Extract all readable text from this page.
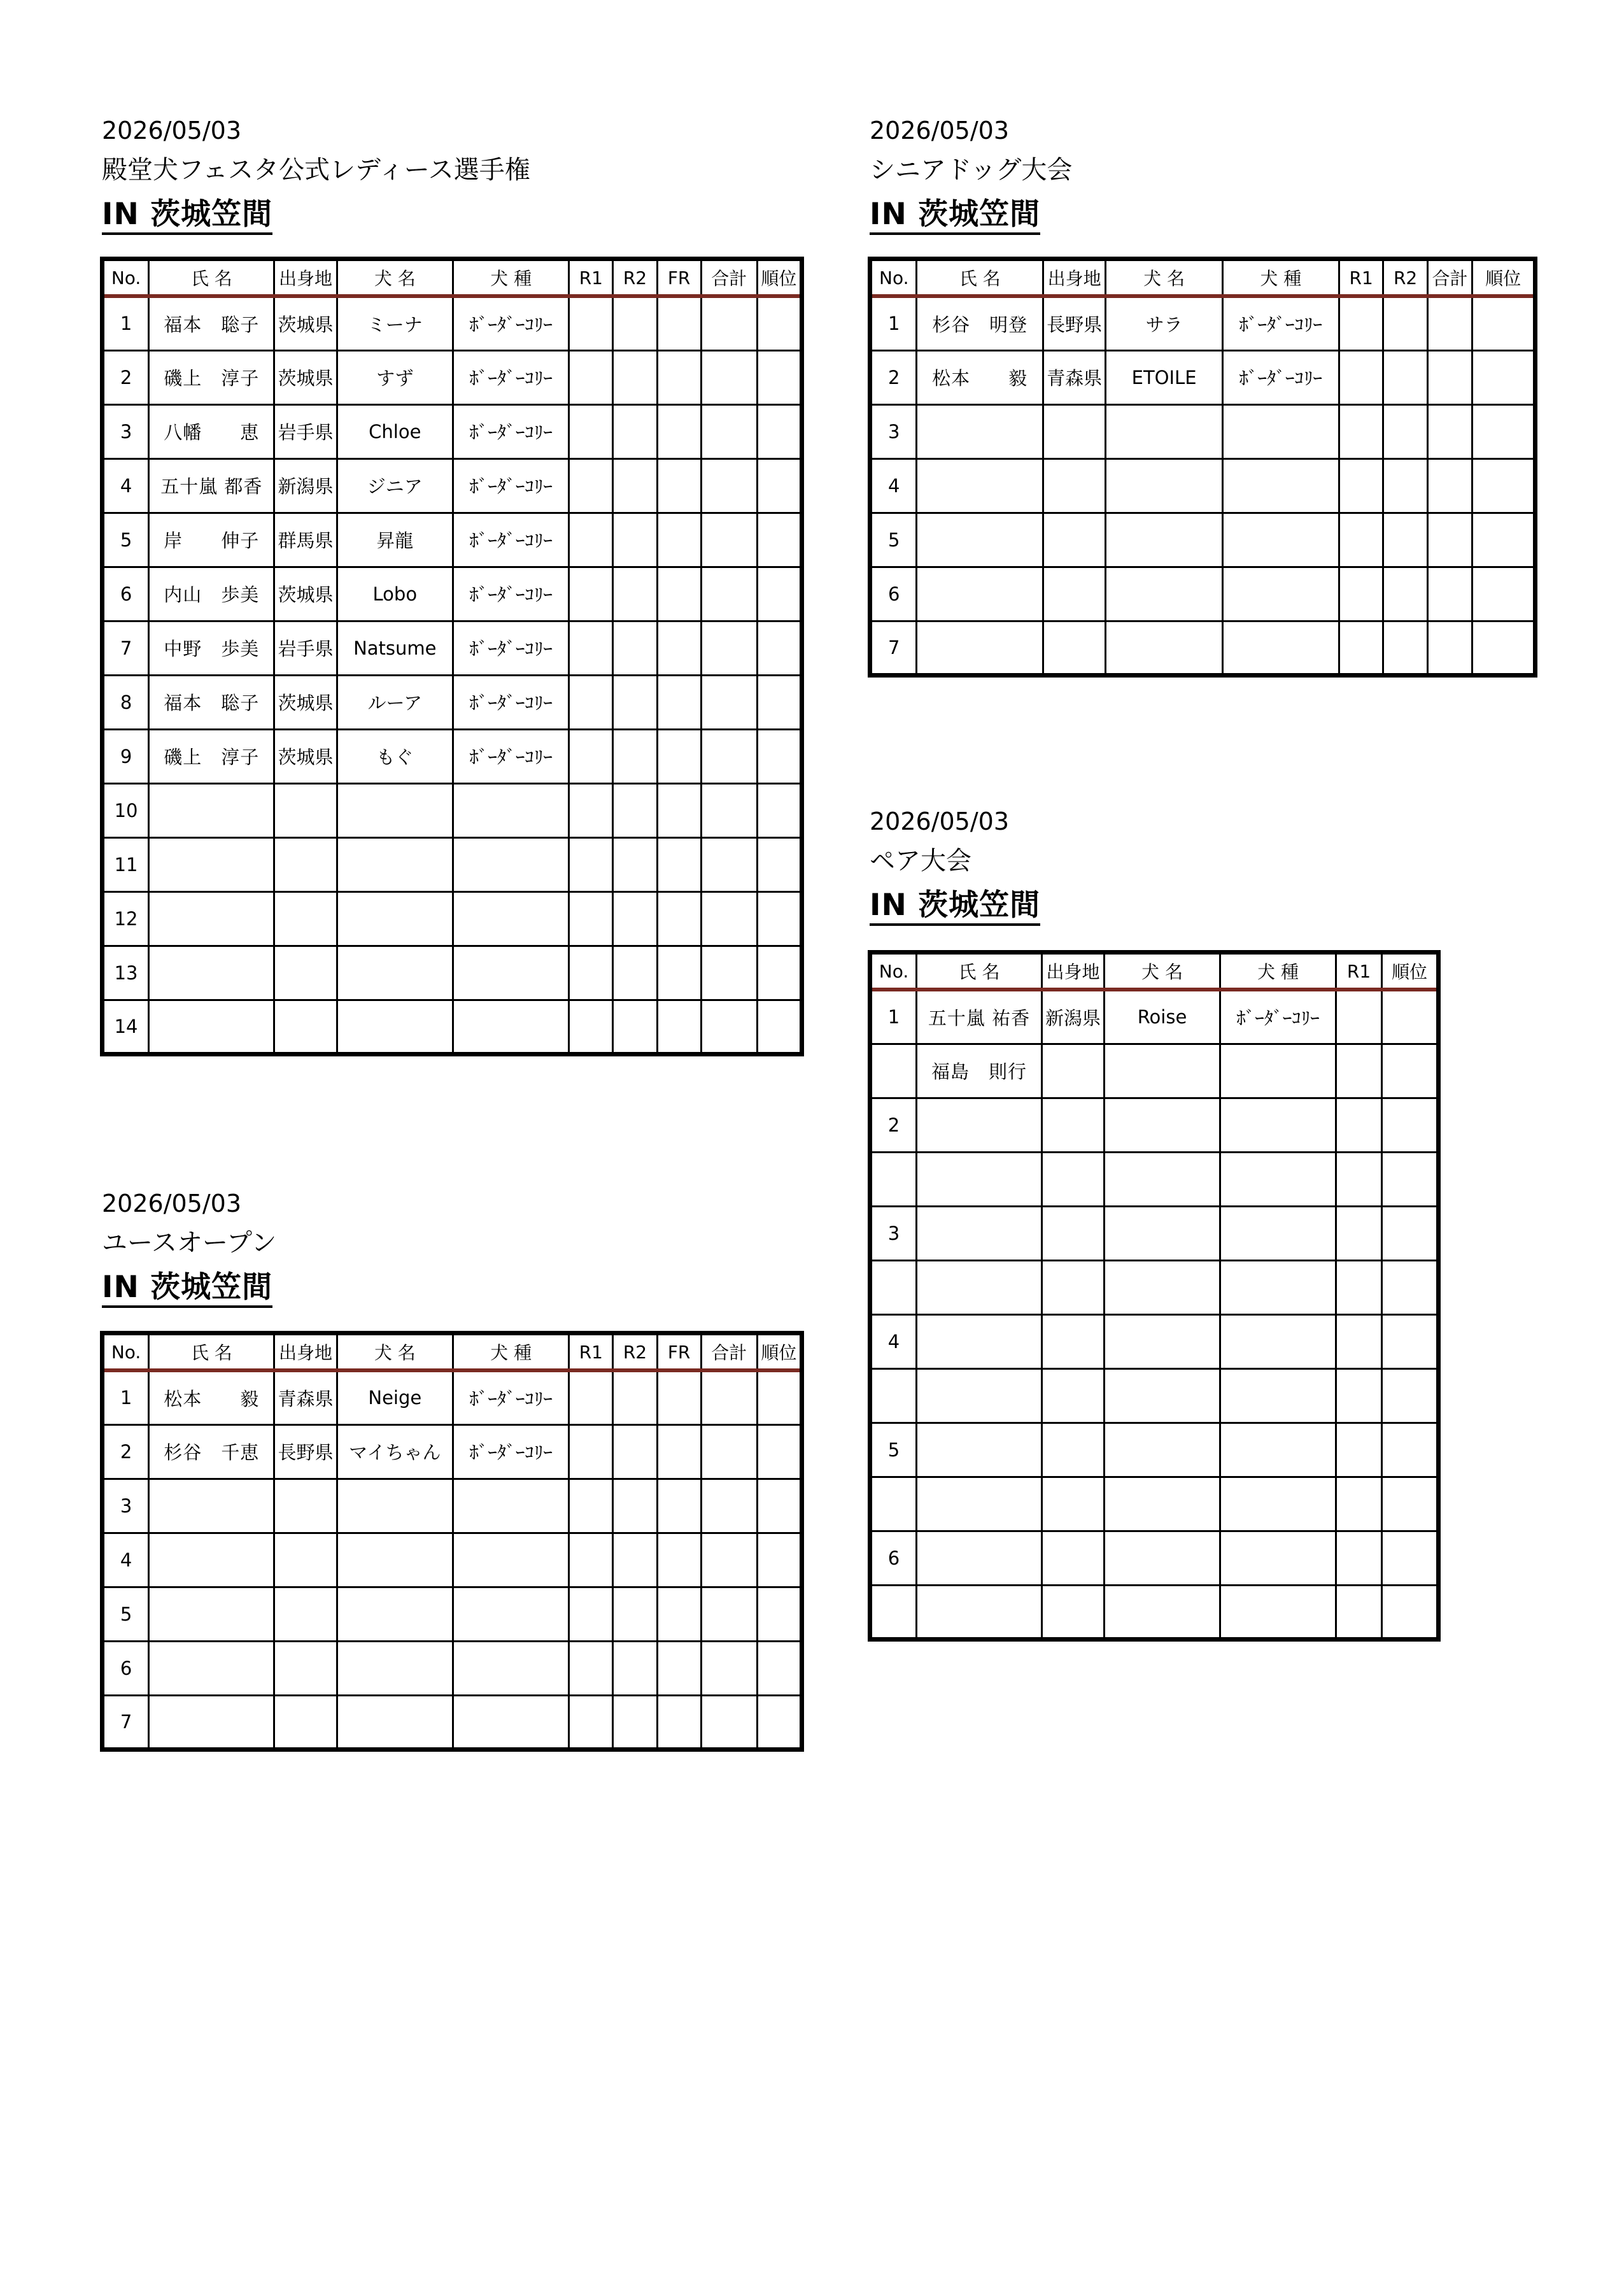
2026/05/03
殿堂犬フェスタ公式レディース選手権
IN 茨城笠間
No.	氏 名	出身地	犬 名	犬 種	R1	R2	FR	合計	順位
1	福本　聡子	茨城県	ミーナ	ﾎﾞｰﾀﾞｰｺﾘｰ					
2	磯上　淳子	茨城県	すず	ﾎﾞｰﾀﾞｰｺﾘｰ					
3	八幡　　恵	岩手県	Chloe	ﾎﾞｰﾀﾞｰｺﾘｰ					
4	五十嵐 都香	新潟県	ジニア	ﾎﾞｰﾀﾞｰｺﾘｰ					
5	岸　　伸子	群馬県	昇龍	ﾎﾞｰﾀﾞｰｺﾘｰ					
6	内山　歩美	茨城県	Lobo	ﾎﾞｰﾀﾞｰｺﾘｰ					
7	中野　歩美	岩手県	Natsume	ﾎﾞｰﾀﾞｰｺﾘｰ					
8	福本　聡子	茨城県	ルーア	ﾎﾞｰﾀﾞｰｺﾘｰ					
9	磯上　淳子	茨城県	もぐ	ﾎﾞｰﾀﾞｰｺﾘｰ					
10									
11									
12									
13									
14									
2026/05/03
ユースオープン
IN 茨城笠間
No.	氏 名	出身地	犬 名	犬 種	R1	R2	FR	合計	順位
1	松本　　毅	青森県	Neige	ﾎﾞｰﾀﾞｰｺﾘｰ					
2	杉谷　千恵	長野県	マイちゃん	ﾎﾞｰﾀﾞｰｺﾘｰ					
3									
4									
5									
6									
7									
2026/05/03
シニアドッグ大会
IN 茨城笠間
No.	氏 名	出身地	犬 名	犬 種	R1	R2	合計	順位
1	杉谷　明登	長野県	サラ	ﾎﾞｰﾀﾞｰｺﾘｰ				
2	松本　　毅	青森県	ETOILE	ﾎﾞｰﾀﾞｰｺﾘｰ				
3								
4								
5								
6								
7								
2026/05/03
ペア大会
IN 茨城笠間
No.	氏 名	出身地	犬 名	犬 種	R1	順位
1	五十嵐 祐香	新潟県	Roise	ﾎﾞｰﾀﾞｰｺﾘｰ		
	福島　則行					
2						

3						

4						

5						

6						
